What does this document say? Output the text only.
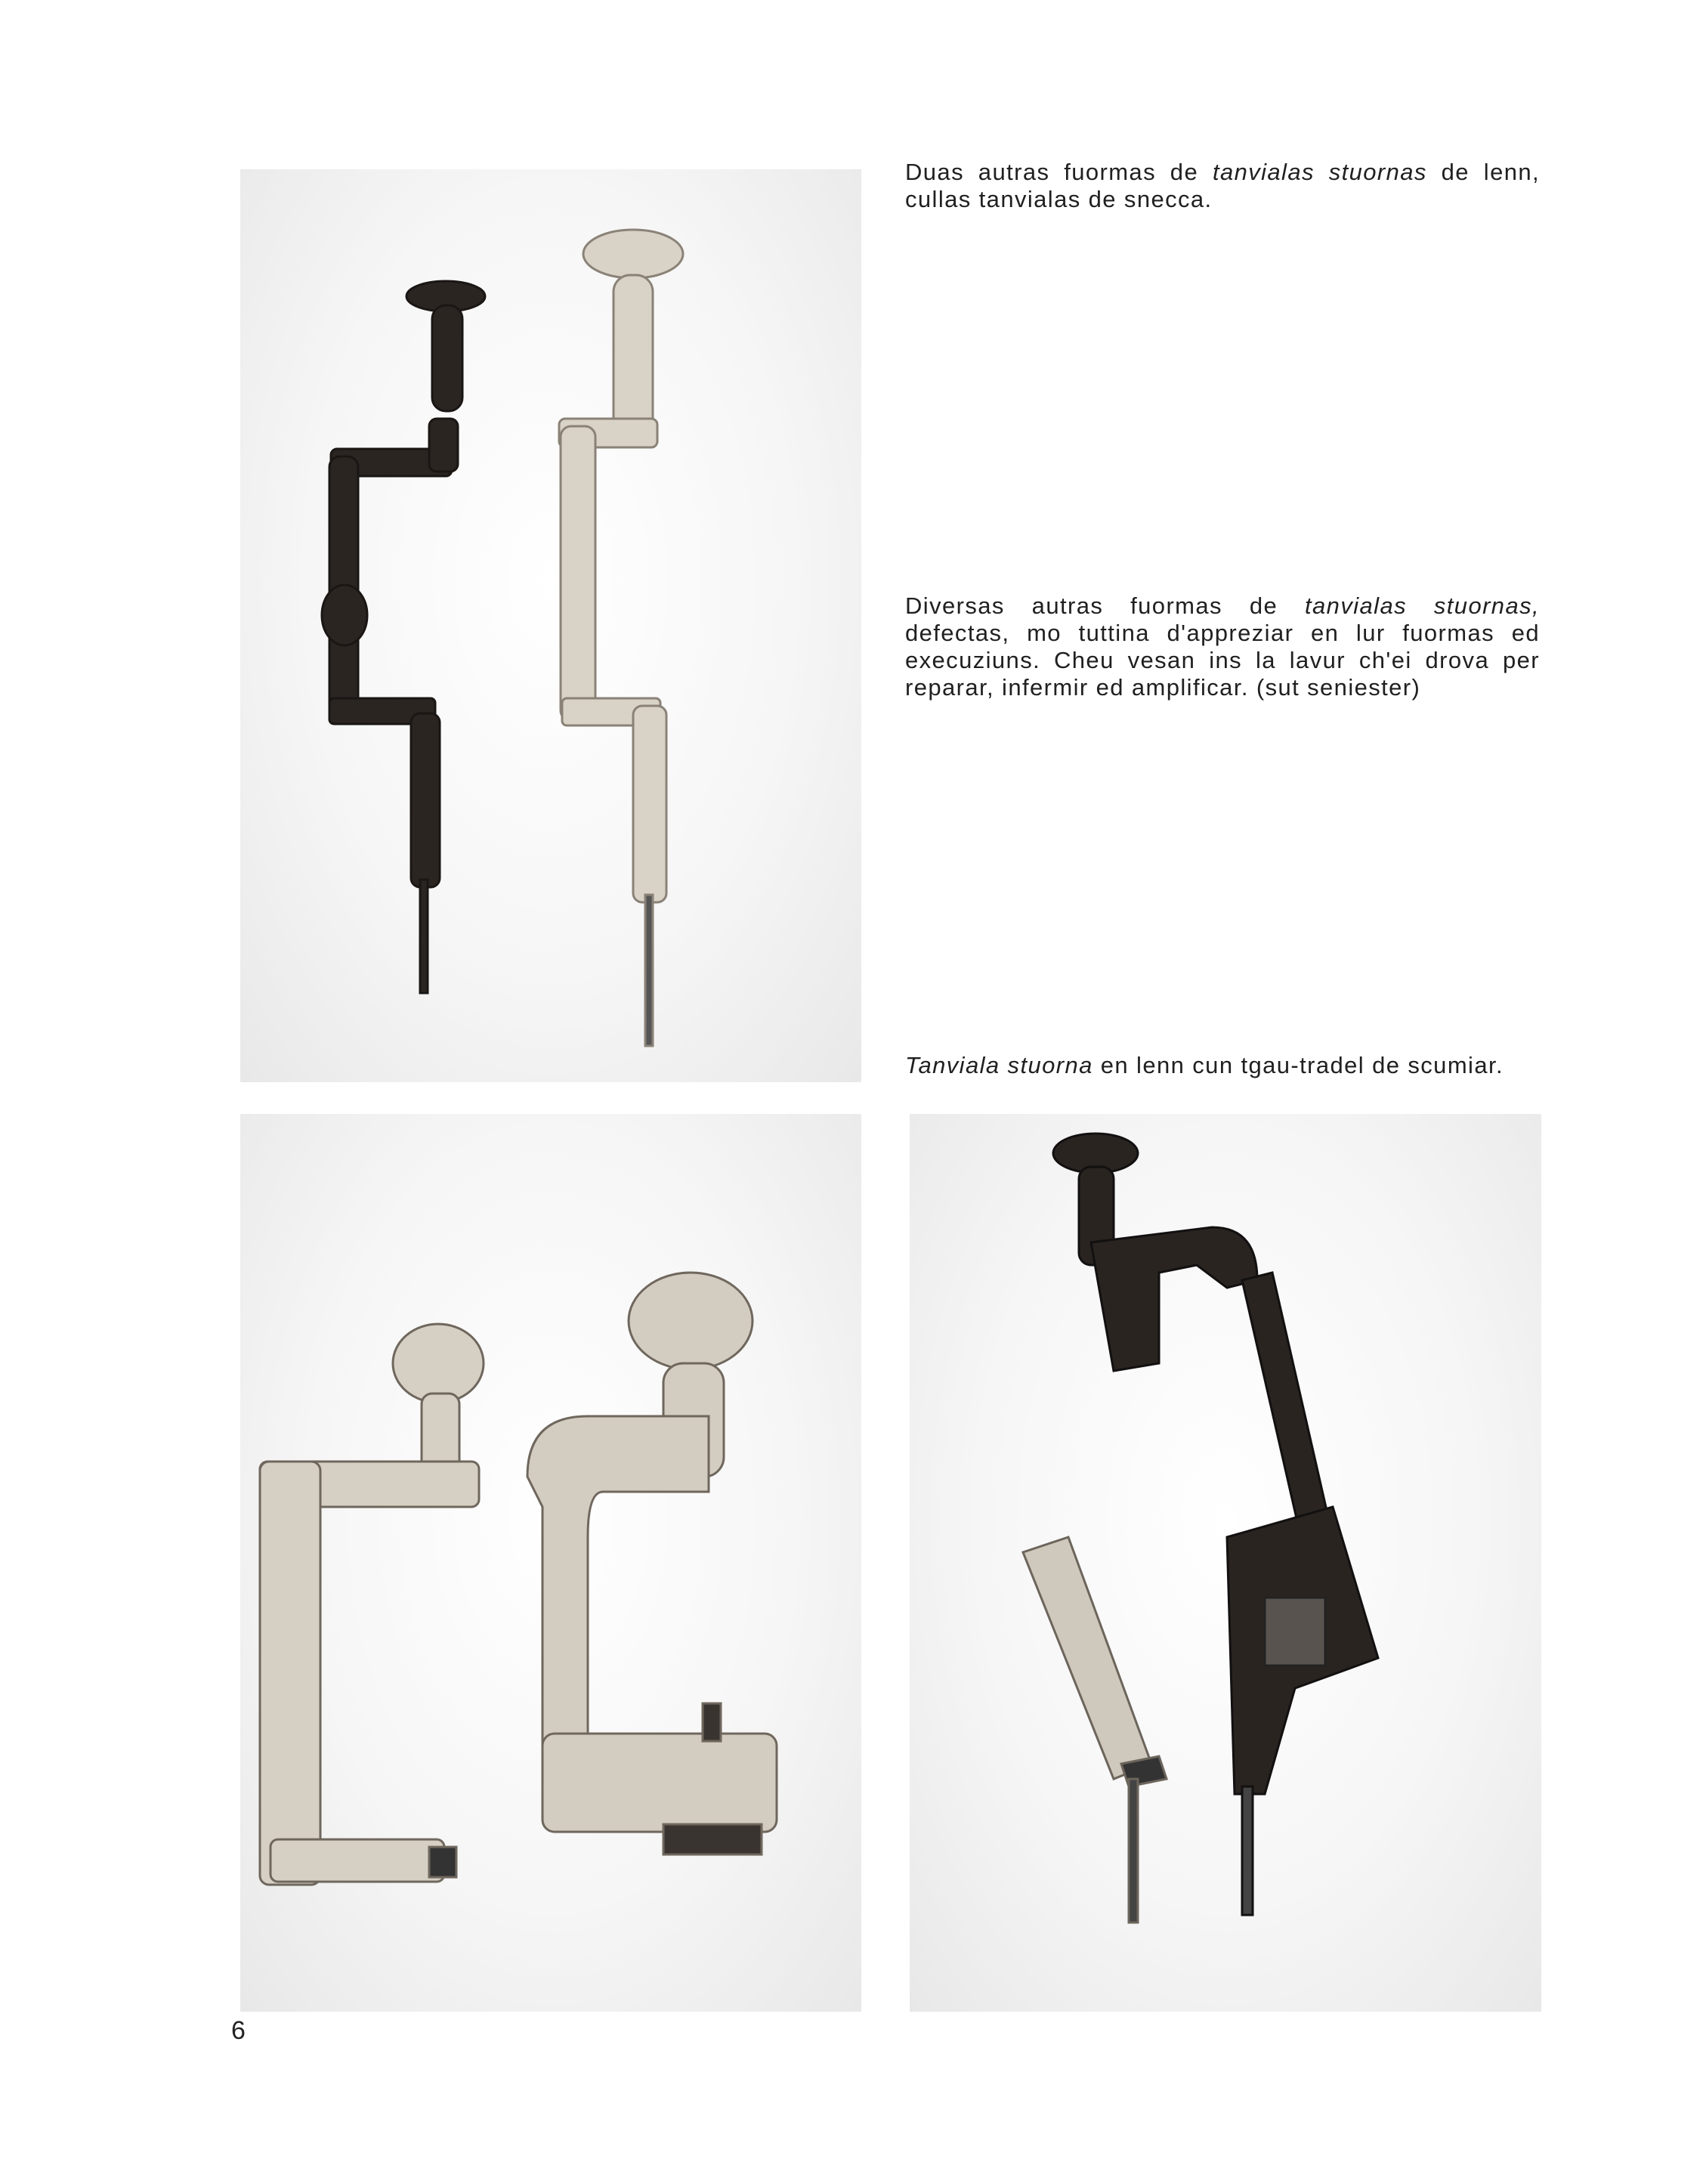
Duas autras fuormas de tanvialas stuornas de lenn, cullas tanvialas de snecca.

Diversas autras fuormas de tanvialas stuornas, defectas, mo tuttina d'appreziar en lur fuormas ed execuziuns. Cheu vesan ins la lavur ch'ei drova per reparar, infermir ed amplificar. (sut seniester)

Tanviala stuorna en lenn cun tgau-tradel de scumiar.

6
